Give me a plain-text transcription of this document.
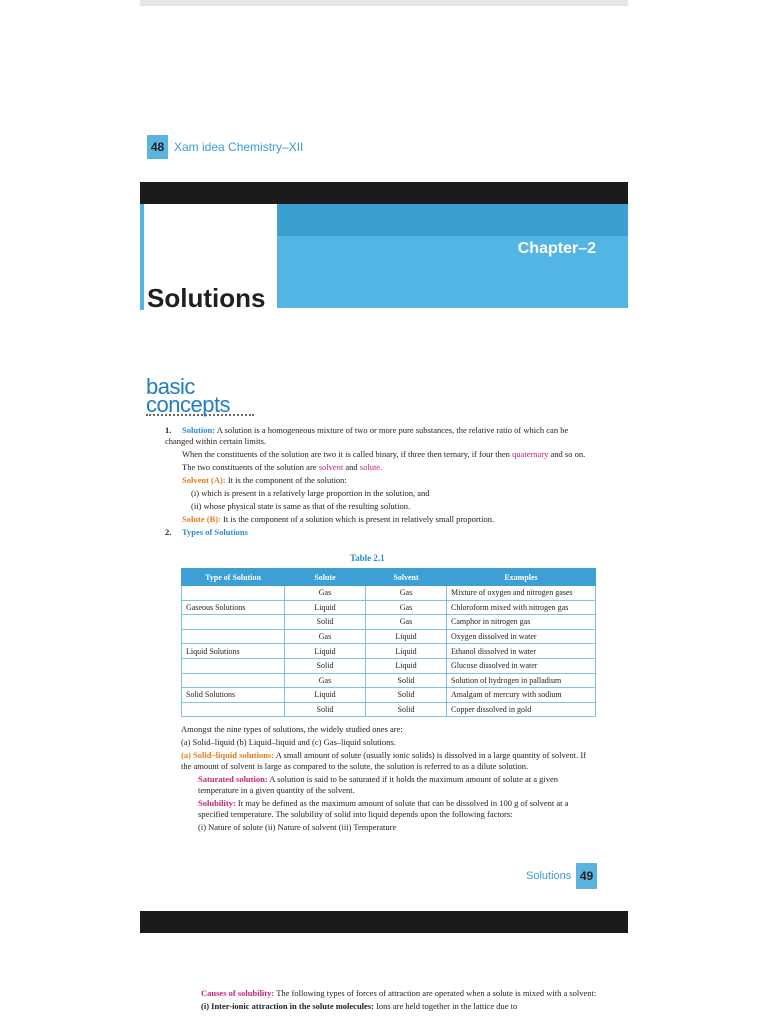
48 Xam idea Chemistry–XII
Chapter–2
Solutions
basic
concepts

1. Solution: A solution is a homogeneous mixture of two or more pure substances, the relative ratio of which can be changed within certain limits.

When the constituents of the solution are two it is called binary, if three then ternary, if four then quaternary and so on.

The two constituents of the solution are solvent and solute.

Solvent (A): It is the component of the solution:

(i) which is present in a relatively large proportion in the solution, and

(ii) whose physical state is same as that of the resulting solution.

Solute (B): It is the component of a solution which is present in relatively small proportion.

2. Types of Solutions

Table 2.1
Type of Solution	Solute	Solvent	Examples
	Gas	Gas	Mixture of oxygen and nitrogen gases
Gaseous Solutions	Liquid	Gas	Chloroform mixed with nitrogen gas
	Solid	Gas	Camphor in nitrogen gas
	Gas	Liquid	Oxygen dissolved in water
Liquid Solutions	Liquid	Liquid	Ethanol dissolved in water
	Solid	Liquid	Glucose dissolved in water
	Gas	Solid	Solution of hydrogen in palladium
Solid Solutions	Liquid	Solid	Amalgam of mercury with sodium
	Solid	Solid	Copper dissolved in gold

Amongst the nine types of solutions, the widely studied ones are:

(a) Solid–liquid (b) Liquid–liquid and (c) Gas–liquid solutions.

(a) Solid–liquid solutions: A small amount of solute (usually ionic solids) is dissolved in a large quantity of solvent. If the amount of solvent is large as compared to the solute, the solution is referred to as a dilute solution.

Saturated solution: A solution is said to be saturated if it holds the maximum amount of solute at a given temperature in a given quantity of the solvent.

Solubility: It may be defined as the maximum amount of solute that can be dissolved in 100 g of solvent at a specified temperature. The solubility of solid into liquid depends upon the following factors:

(i) Nature of solute (ii) Nature of solvent (iii) Temperature

Solutions 49

Causes of solubility: The following types of forces of attraction are operated when a solute is mixed with a solvent:

(i) Inter-ionic attraction in the solute molecules: Ions are held together in the lattice due to
